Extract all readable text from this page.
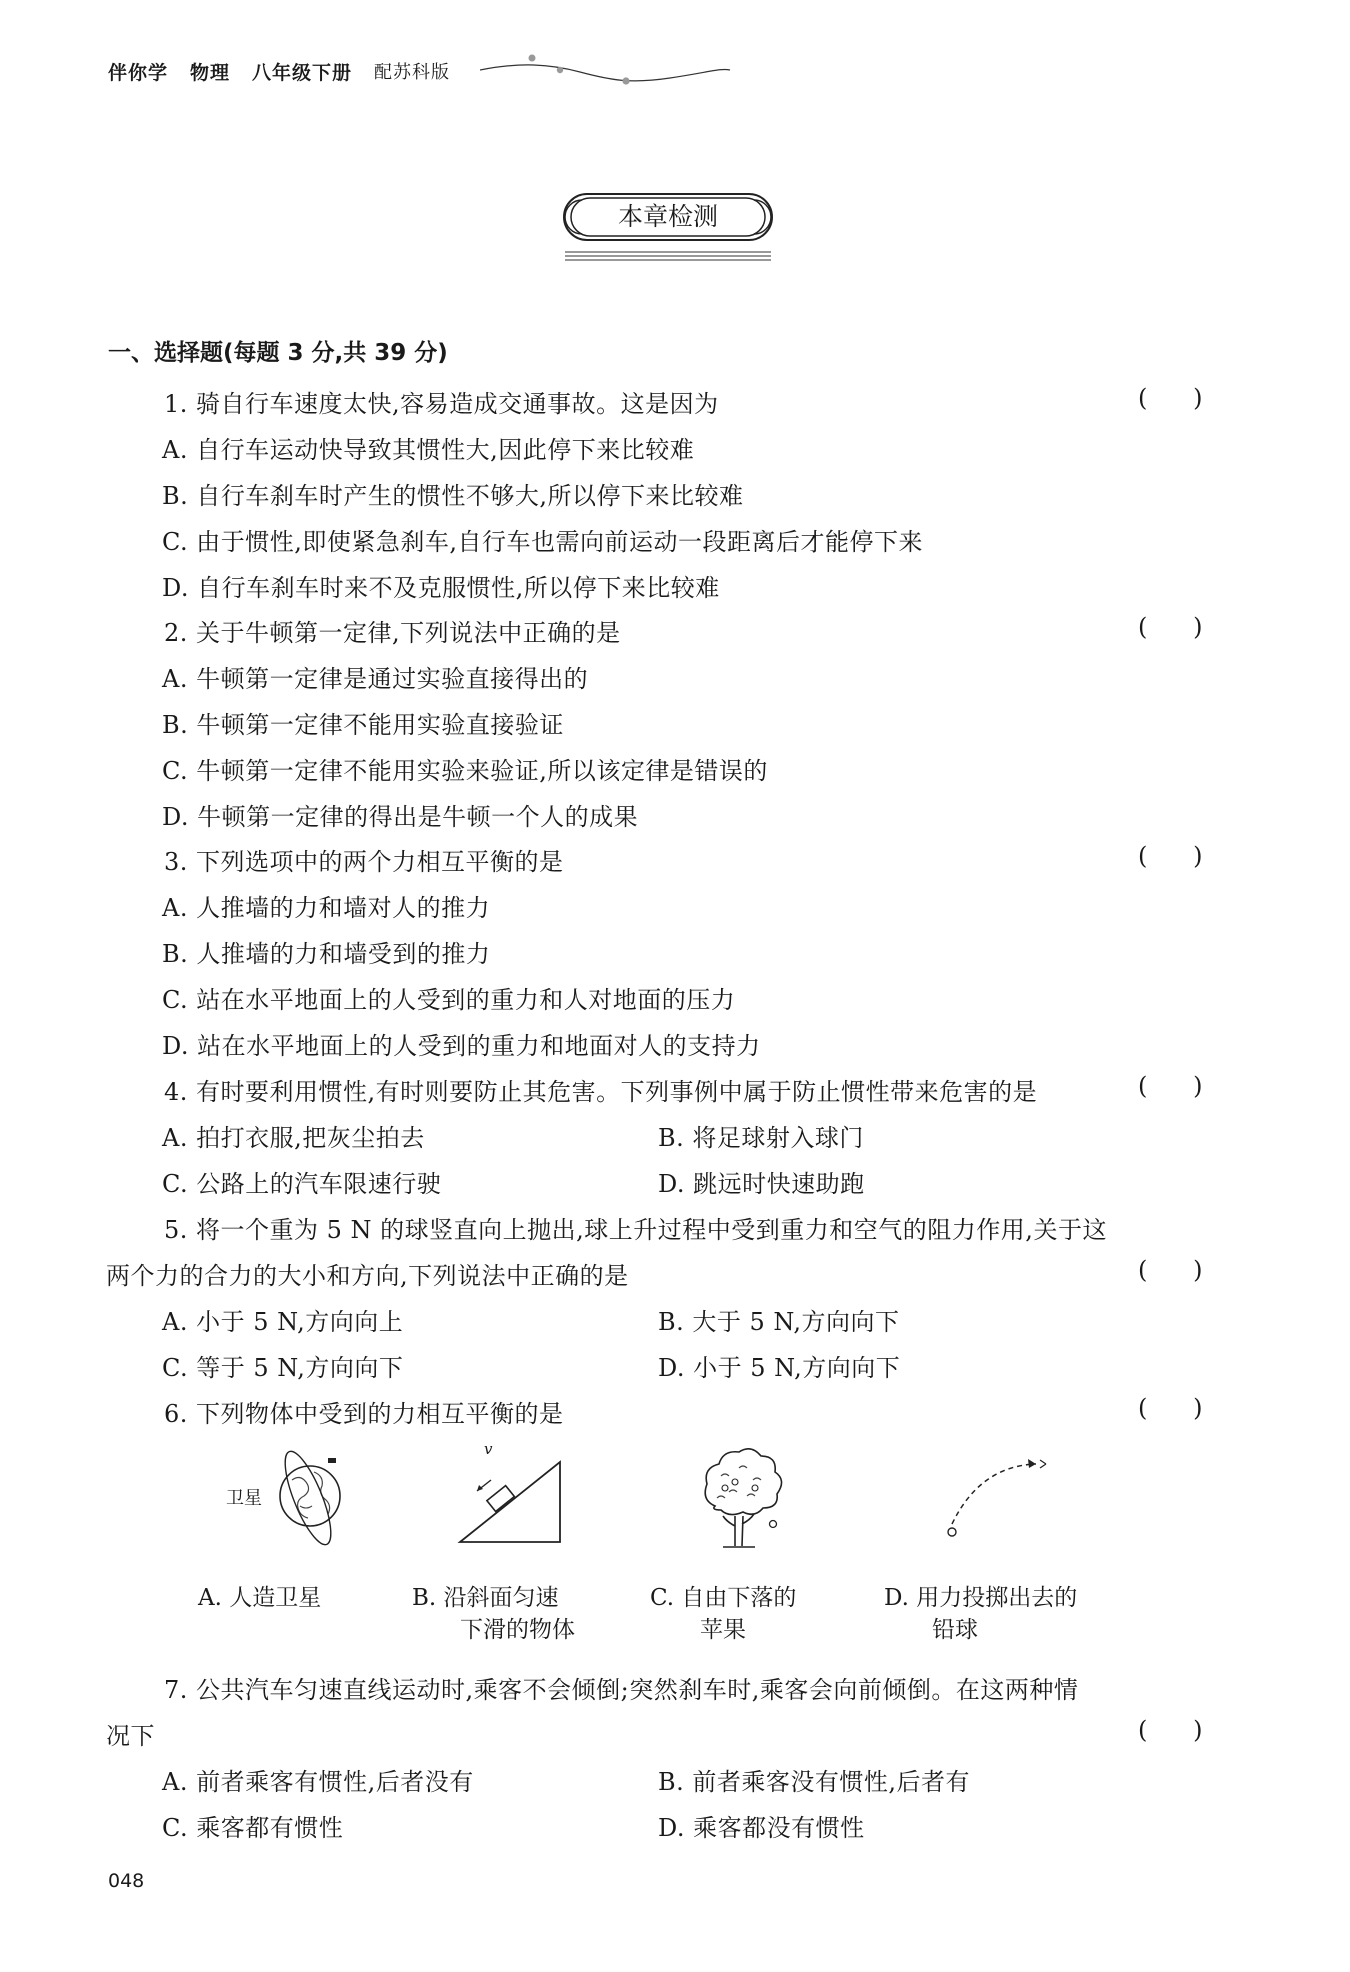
伴你学 物理 八年级下册 配苏科版
本章检测
一、选择题(每题 3 分,共 39 分)
1. 骑自行车速度太快,容易造成交通事故。这是因为	(      )
A. 自行车运动快导致其惯性大,因此停下来比较难
B. 自行车刹车时产生的惯性不够大,所以停下来比较难
C. 由于惯性,即使紧急刹车,自行车也需向前运动一段距离后才能停下来
D. 自行车刹车时来不及克服惯性,所以停下来比较难
2. 关于牛顿第一定律,下列说法中正确的是	(      )
A. 牛顿第一定律是通过实验直接得出的
B. 牛顿第一定律不能用实验直接验证
C. 牛顿第一定律不能用实验来验证,所以该定律是错误的
D. 牛顿第一定律的得出是牛顿一个人的成果
3. 下列选项中的两个力相互平衡的是	(      )
A. 人推墙的力和墙对人的推力
B. 人推墙的力和墙受到的推力
C. 站在水平地面上的人受到的重力和人对地面的压力
D. 站在水平地面上的人受到的重力和地面对人的支持力
4. 有时要利用惯性,有时则要防止其危害。下列事例中属于防止惯性带来危害的是	(      )
A. 拍打衣服,把灰尘拍去	B. 将足球射入球门
C. 公路上的汽车限速行驶	D. 跳远时快速助跑
5. 将一个重为 5 N 的球竖直向上抛出,球上升过程中受到重力和空气的阻力作用,关于这
两个力的合力的大小和方向,下列说法中正确的是	(      )
A. 小于 5 N,方向向上	B. 大于 5 N,方向向下
C. 等于 5 N,方向向下	D. 小于 5 N,方向向下
6. 下列物体中受到的力相互平衡的是	(      )
卫星
v
A. 人造卫星	B. 沿斜面匀速
下滑的物体
C. 自由下落的
苹果
D. 用力投掷出去的
铅球
7. 公共汽车匀速直线运动时,乘客不会倾倒;突然刹车时,乘客会向前倾倒。在这两种情
况下	(      )
A. 前者乘客有惯性,后者没有	B. 前者乘客没有惯性,后者有
C. 乘客都有惯性	D. 乘客都没有惯性
048
